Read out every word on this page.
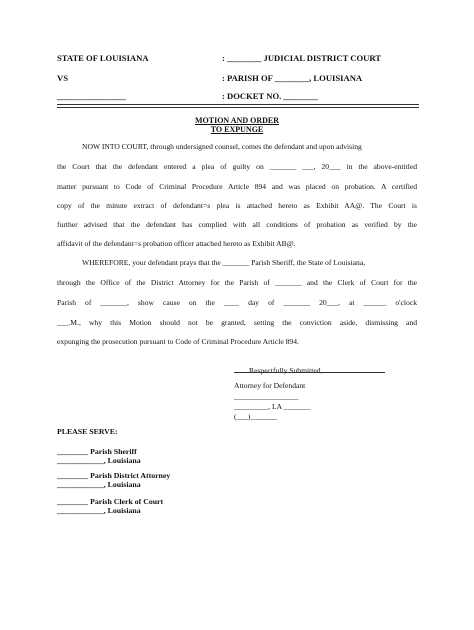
STATE OF LOUISIANA	: ________ JUDICIAL DISTRICT COURT
VS	: PARISH OF ________, LOUISIANA
________________	: DOCKET NO. ________
MOTION AND ORDER
TO EXPUNGE
NOW INTO COURT, through undersigned counsel, comes the defendant and upon advising
the Court that the defendant entered a plea of guilty on _______ ___, 20___ in the above-entitled
matter pursuant to Code of Criminal Procedure Article 894 and was placed on probation. A certified
copy of the minute extract of defendant=s plea is attached hereto as Exhibit AA@. The Court is
further advised that the defendant has complied with all conditions of probation as verified by the
affidavit of the defendant=s probation officer attached hereto as Exhibit AB@.
WHEREFORE, your defendant prays that the _______ Parish Sheriff, the State of Louisiana,
through the Office of the District Attorney for the Parish of _______ and the Clerk of Court for the
Parish of _______, show cause on the ____ day of _______ 20___, at ______ o'clock
___.M., why this Motion should not be granted, setting the conviction aside, dismissing and
expunging the prosecution pursuant to Code of Criminal Procedure Article 894.
Respectfully Submitted,
Attorney for Defendant
_________________
_________, LA _______
(___)_______
PLEASE SERVE:
________ Parish Sheriff
____________, Louisiana
________ Parish District Attorney
____________, Louisiana
________ Parish Clerk of Court
____________, Louisiana
